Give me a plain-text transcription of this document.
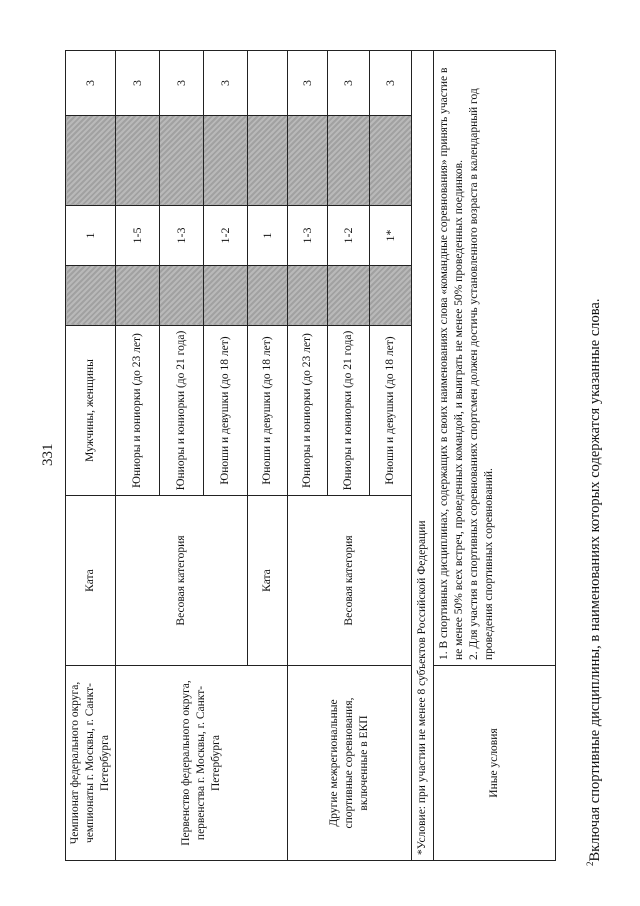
331
Чемпионат федерального округа, чемпионаты г. Москвы, г. Санкт-Петербурга	Ката	Мужчины, женщины		1		3
Первенство федерального округа, первенства г. Москвы, г. Санкт-Петербурга	Весовая категория	Юниоры и юниорки (до 23 лет)		1-5		3
		Юниоры и юниорки (до 21 года)		1-3		3
		Юноши и девушки (до 18 лет)		1-2		3
	Ката	Юноши и девушки (до 18 лет)		1		
Другие межрегиональные спортивные соревнования, включенные в ЕКП	Весовая категория	Юниоры и юниорки (до 23 лет)		1-3		3
		Юниоры и юниорки (до 21 года)		1-2		3
		Юноши и девушки (до 18 лет)		1*		3
*Условие: при участии не менее 8 субъектов Российской Федерации						
Иные условия	1. В спортивных дисциплинах, содержащих в своих наименованиях слова «командные соревнования» принять участие в не менее 50% всех встреч, проведенных командой, и выиграть не менее 50% проведенных поединков. 2. Для участия в спортивных соревнованиях спортсмен должен достичь установленного возраста в календарный год проведения спортивных соревнований.					
$^2$Включая спортивные дисциплины, в наименованиях которых содержатся указанные слова.
